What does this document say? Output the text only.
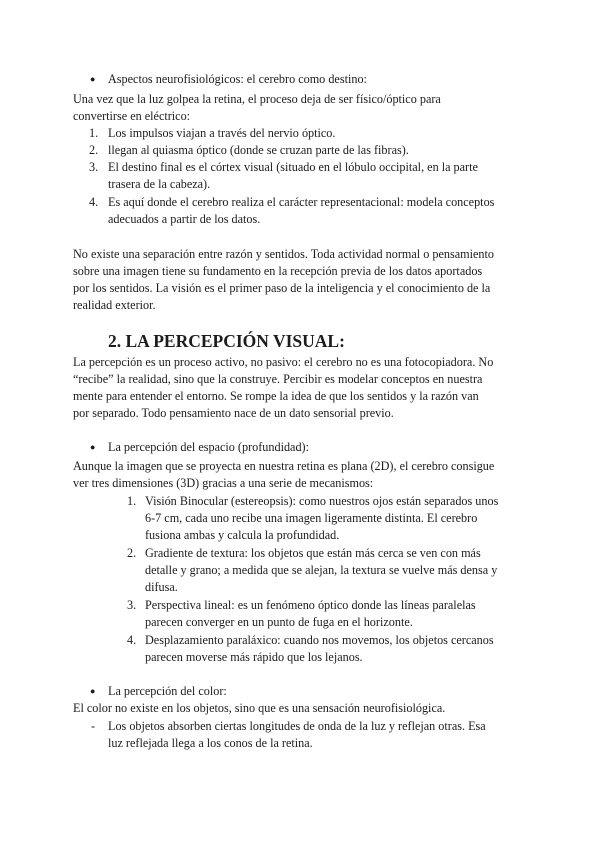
● Aspectos neurofisiológicos: el cerebro como destino:
Una vez que la luz golpea la retina, el proceso deja de ser físico/óptico para
convertirse en eléctrico:
1. Los impulsos viajan a través del nervio óptico.
2. llegan al quiasma óptico (donde se cruzan parte de las fibras).
3. El destino final es el córtex visual (situado en el lóbulo occipital, en la parte
trasera de la cabeza).
4. Es aquí donde el cerebro realiza el carácter representacional: modela conceptos
adecuados a partir de los datos.
No existe una separación entre razón y sentidos. Toda actividad normal o pensamiento
sobre una imagen tiene su fundamento en la recepción previa de los datos aportados
por los sentidos. La visión es el primer paso de la inteligencia y el conocimiento de la
realidad exterior.
2. LA PERCEPCIÓN VISUAL:
La percepción es un proceso activo, no pasivo: el cerebro no es una fotocopiadora. No
“recibe” la realidad, sino que la construye. Percibir es modelar conceptos en nuestra
mente para entender el entorno. Se rompe la idea de que los sentidos y la razón van
por separado. Todo pensamiento nace de un dato sensorial previo.
● La percepción del espacio (profundidad):
Aunque la imagen que se proyecta en nuestra retina es plana (2D), el cerebro consigue
ver tres dimensiones (3D) gracias a una serie de mecanismos:
1. Visión Binocular (estereopsis): como nuestros ojos están separados unos
6-7 cm, cada uno recibe una imagen ligeramente distinta. El cerebro
fusiona ambas y calcula la profundidad.
2. Gradiente de textura: los objetos que están más cerca se ven con más
detalle y grano; a medida que se alejan, la textura se vuelve más densa y
difusa.
3. Perspectiva lineal: es un fenómeno óptico donde las líneas paralelas
parecen converger en un punto de fuga en el horizonte.
4. Desplazamiento paraláxico: cuando nos movemos, los objetos cercanos
parecen moverse más rápido que los lejanos.
● La percepción del color:
El color no existe en los objetos, sino que es una sensación neurofisiológica.
- Los objetos absorben ciertas longitudes de onda de la luz y reflejan otras. Esa
luz reflejada llega a los conos de la retina.
